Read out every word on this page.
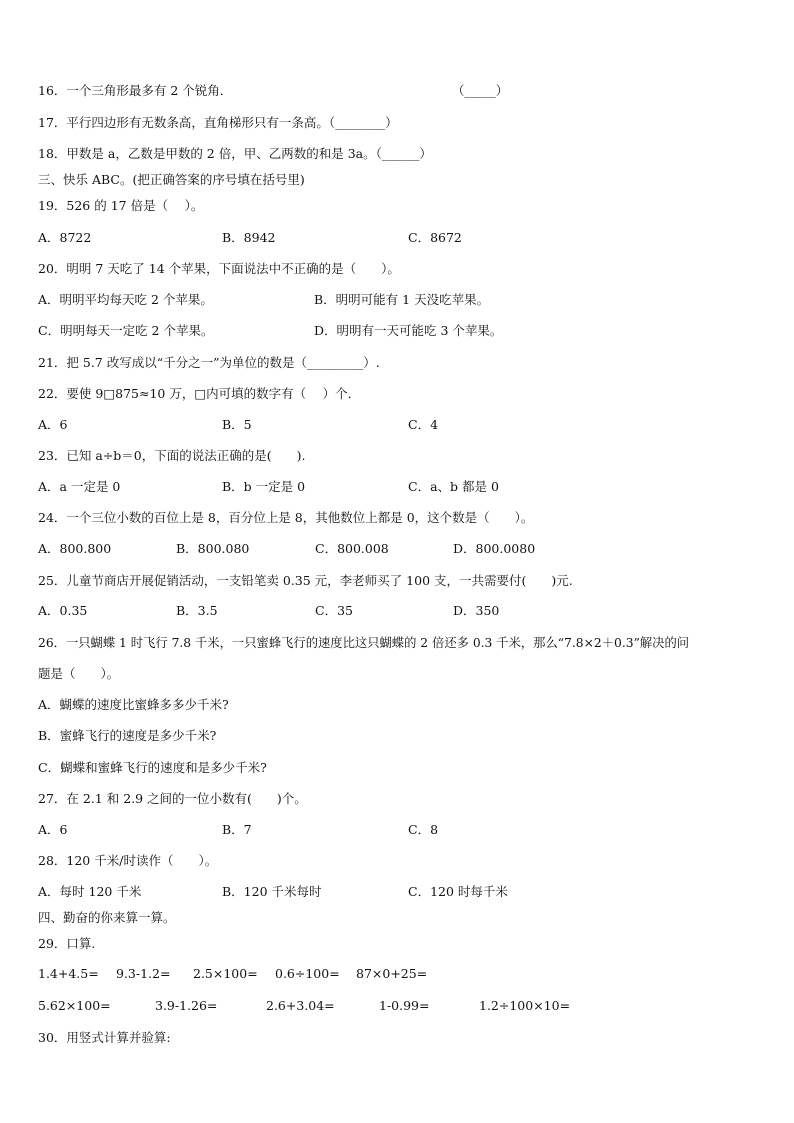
16．一个三角形最多有 2 个锐角．	（_____）
17．平行四边形有无数条高，直角梯形只有一条高。（________）
18．甲数是 a，乙数是甲数的 2 倍，甲、乙两数的和是 3a。（______）
三、快乐 ABC。(把正确答案的序号填在括号里)
19．526 的 17 倍是（　 ）。
A．8722	B．8942	C．8672
20．明明 7 天吃了 14 个苹果，下面说法中不正确的是（　　）。
A．明明平均每天吃 2 个苹果。	B．明明可能有 1 天没吃苹果。
C．明明每天一定吃 2 个苹果。	D．明明有一天可能吃 3 个苹果。
21．把 5.7 改写成以“千分之一”为单位的数是（_________）.
22．要使 9□875≈10 万，□内可填的数字有（　 ）个．
A．6	B．5	C．4
23．已知 a÷b＝0，下面的说法正确的是(　　).
A．a 一定是 0	B．b 一定是 0	C．a、b 都是 0
24．一个三位小数的百位上是 8，百分位上是 8，其他数位上都是 0，这个数是（　　）。
A．800.800	B．800.080	C．800.008	D．800.0080
25．儿童节商店开展促销活动，一支铅笔卖 0.35 元，李老师买了 100 支，一共需要付(　　)元.
A．0.35	B．3.5	C．35	D．350
26．一只蝴蝶 1 时飞行 7.8 千米，一只蜜蜂飞行的速度比这只蝴蝶的 2 倍还多 0.3 千米，那么“7.8×2＋0.3”解决的问
题是（　　）。
A．蝴蝶的速度比蜜蜂多多少千米?
B．蜜蜂飞行的速度是多少千米?
C．蝴蝶和蜜蜂飞行的速度和是多少千米?
27．在 2.1 和 2.9 之间的一位小数有(　　)个。
A．6	B．7	C．8
28．120 千米/时读作（　　）。
A．每时 120 千米	B．120 千米每时	C．120 时每千米
四、勤奋的你来算一算。
29．口算.
1.4+4.5= 9.3-1.2= 2.5×100= 0.6÷100= 87×0+25=
5.62×100=	3.9-1.26=	2.6+3.04=	1-0.99=	1.2÷100×10=
30．用竖式计算并验算:
